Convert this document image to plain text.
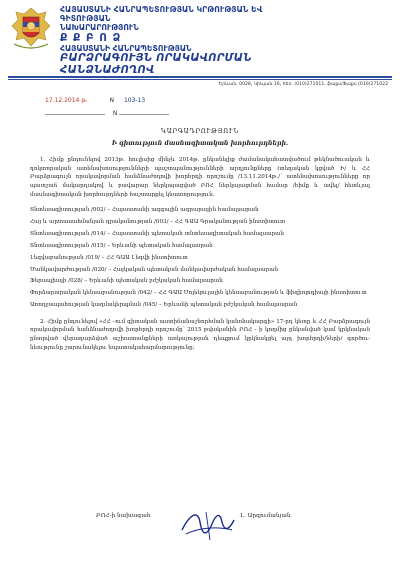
ՀԱՅԱՍՏԱՆԻ ՀԱՆՐԱՊԵՏՈՒԹՅԱՆ ԿՐԹՈՒԹՅԱՆ ԵՎ ԳԻՏՈՒԹՅԱՆ
ՆԱԽԱՐԱՐՈՒԹՅՈՒՆ
Ք Ք Բ Ո Ձ
ՀԱՅԱՍՏԱՆԻ ՀԱՆՐԱՊԵՏՈՒԹՅԱՆ
ԲԱՐՁՐԱԳՈՒՅՆ ՈՐԱԿԱՎՈՐՄԱՆ ՀԱՆՁՆԱԺՈՂՈՎ
Երևան, 0028, Կիևյան 16, հեռ. (010)271011, ֆաքս/Ֆաքս (010)271022
17.12.2014 թ.	N 103-13
N
ԿԱՐԳԱԴՐՈՒԹՅՈՒՆ
Ի գիտություն մասնագիտական խորհուրդների.

1. Հիմք ընդունելով 2013թ. հուլիսից մինչև 2014թ. ընկանելիք ժամանակահատվածում թեկնածուական և դոկտորական ատենախոսությունների պաշտպանությունների արդյունքները (տեղական կցված Ի/ և ՀՀ Բարձրագույն որակավորման հանձնաժողովի խորհրդի որոշումը /13.11.2014թ./՝ ատենախոսությունները որ պատշաճ մակարդակով և բավարար ներկայացված ԲՈՀ ներկայացման համար /հիմք և ավել/ հետևյալ մասնագիտական խորհուրդների հաշտարքել կնատորություն.

Տնտեսագիտության /002/ – Հայաստանի ազգային ագրարային համալսարան
Հայ և արտասահմանյան գրականության /003/ – ՀՀ ԳԱԱ Գրականության ինստիտուտ
Տնտեսագիտության /014/ – Հայաստանի պետական տնտեսագիտական համալսարան
Տնտեսագիտության /015/ – Երևանի պետական համալսարան
Լեզվաբանության /019/ – ՀՀ ԳԱԱ Լեզվի ինստիտուտ
Մանկավարժության /020/ – Հայկական պետական մանկավարժական համալսարան
Ֆերապիայի /028/ – Երևանի պետական բժշկական համալսարան
Փորձարարական կենսաբանության /042/ – ՀՀ ԳԱԱ Մոլեկուլային կենսաբանության և ֆիզիոլոգիայի ինստիտուտ
Առողջապահության կազմակերպման /045/ – Երևանի պետական բժշկական համալսարան

2. Հիմք ընդունելով «ՀՀ –ում գիտական աստիճանաշնորհման կանոնակարգի» 17-րդ կետը և ՀՀ Բարձրագույն որակավորման հանձնաժողովի խորհրդի որոշումը՝ 2015 թվականին ԲՈՀ - ի կողմից ընկանված կամ կրկնական ընտրված վերադարձված աշխատանքների առկայության դեպքում կրկնակցել այդ խորհրդի/ների/ գործու-նեությունը շարունակելու նպատակահարմարությունը:

ԲՈՀ-ի նախագահ	Լ. Արզումանյան
